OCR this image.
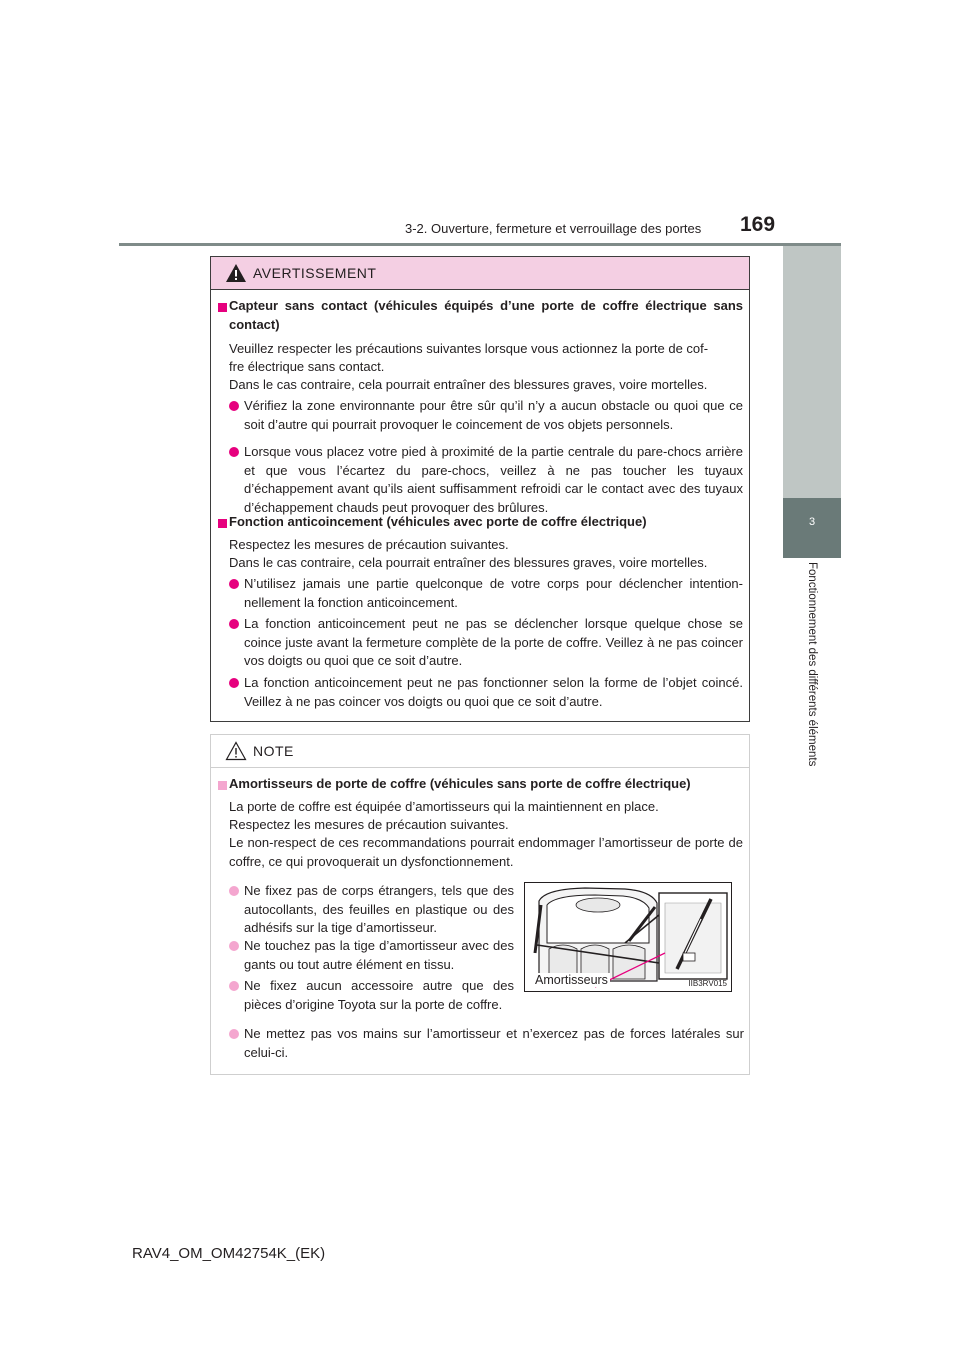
3-2. Ouverture, fermeture et verrouillage des portes 169
3
Fonctionnement des différents éléments
AVERTISSEMENT

Capteur sans contact (véhicules équipés d’une porte de coffre électrique sans contact)

Veuillez respecter les précautions suivantes lorsque vous actionnez la porte de cof-

fre électrique sans contact.

Dans le cas contraire, cela pourrait entraîner des blessures graves, voire mortelles.

Vérifiez la zone environnante pour être sûr qu’il n’y a aucun obstacle ou quoi que ce soit d’autre qui pourrait provoquer le coincement de vos objets personnels.

Lorsque vous placez votre pied à proximité de la partie centrale du pare-chocs arrière et que vous l’écartez du pare-chocs, veillez à ne pas toucher les tuyaux d’échappement avant qu’ils aient suffisamment refroidi car le contact avec des tuyaux d’échappement chauds peut provoquer des brûlures.

Fonction anticoincement (véhicules avec porte de coffre électrique)

Respectez les mesures de précaution suivantes.

Dans le cas contraire, cela pourrait entraîner des blessures graves, voire mortelles.

N’utilisez jamais une partie quelconque de votre corps pour déclencher intention-nellement la fonction anticoincement.

La fonction anticoincement peut ne pas se déclencher lorsque quelque chose se coince juste avant la fermeture complète de la porte de coffre. Veillez à ne pas coincer vos doigts ou quoi que ce soit d’autre.

La fonction anticoincement peut ne pas fonctionner selon la forme de l’objet coincé. Veillez à ne pas coincer vos doigts ou quoi que ce soit d’autre.

NOTE

Amortisseurs de porte de coffre (véhicules sans porte de coffre électrique)

La porte de coffre est équipée d’amortisseurs qui la maintiennent en place.

Respectez les mesures de précaution suivantes.

Le non-respect de ces recommandations pourrait endommager l’amortisseur de porte de coffre, ce qui provoquerait un dysfonctionnement.

Ne fixez pas de corps étrangers, tels que des autocollants, des feuilles en plastique ou des adhésifs sur la tige d’amortisseur.

Ne touchez pas la tige d’amortisseur avec des gants ou tout autre élément en tissu.

Ne fixez aucun accessoire autre que des pièces d’origine Toyota sur la porte de coffre.

Ne mettez pas vos mains sur l’amortisseur et n’exercez pas de forces latérales sur celui-ci.

Amortisseurs	IIB3RV015
RAV4_OM_OM42754K_(EK)
